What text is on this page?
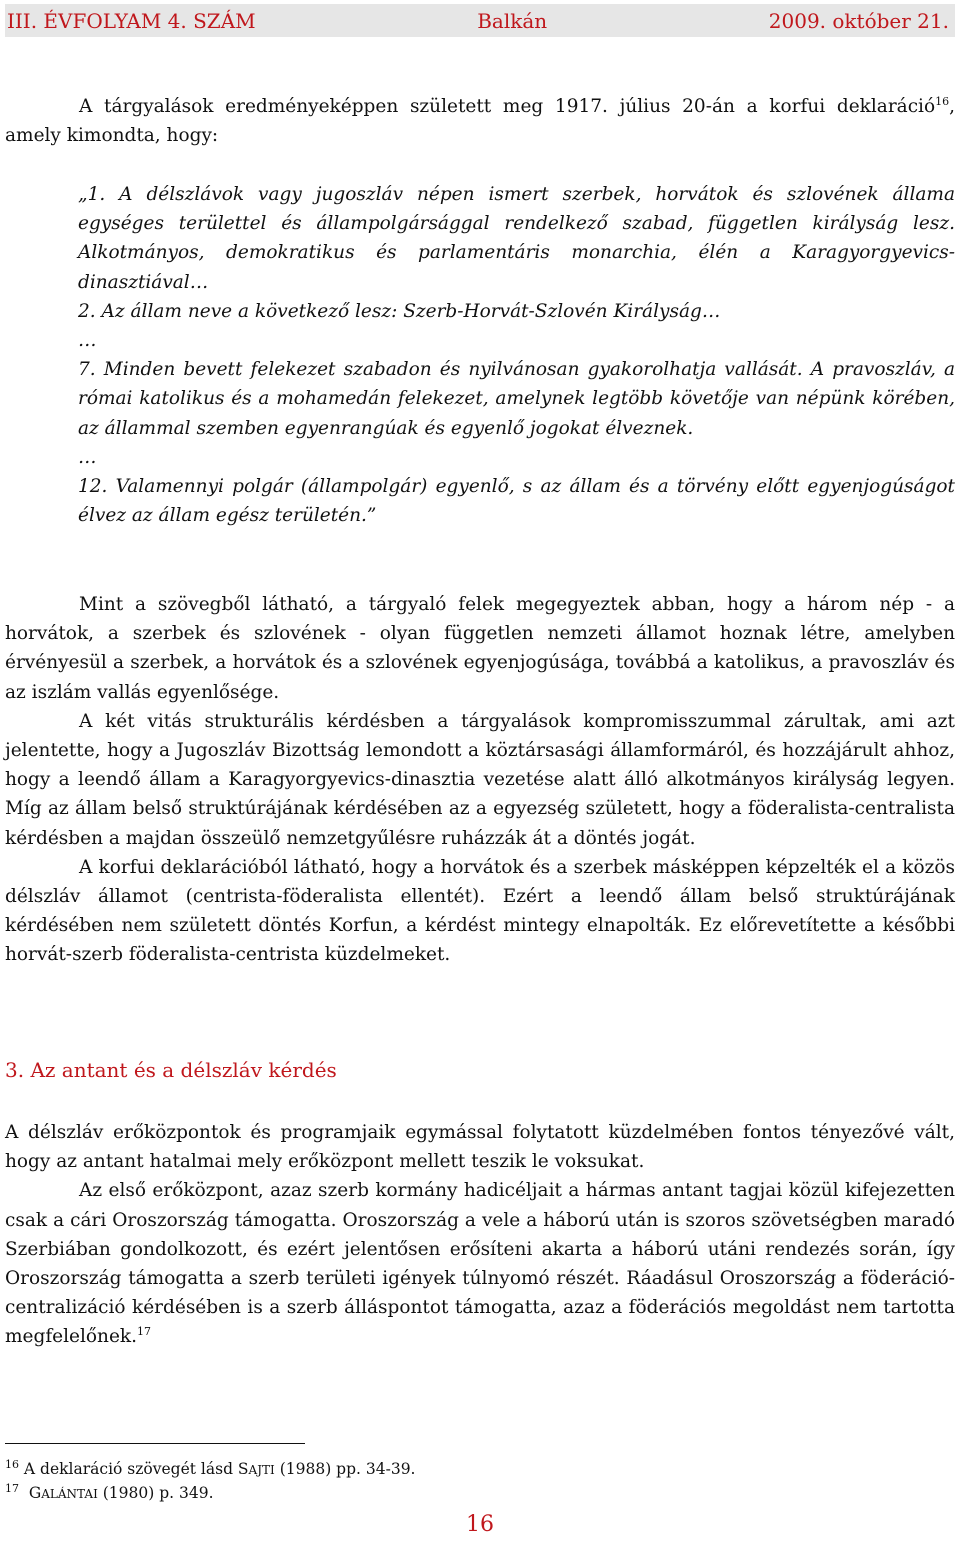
III. ÉVFOLYAM 4. SZÁM	Balkán	2009. október 21.

A tárgyalások eredményeképpen született meg 1917. július 20-án a korfui deklaráció$^{16}$, amely kimondta, hogy:

„1. A délszlávok vagy jugoszláv népen ismert szerbek, horvátok és szlovének állama egységes területtel és állampolgársággal rendelkező szabad, független királyság lesz. Alkotmányos, demokratikus és parlamentáris monarchia, élén a Karagyorgyevics-dinasztiával…

2. Az állam neve a következő lesz: Szerb-Horvát-Szlovén Királyság…

…

7. Minden bevett felekezet szabadon és nyilvánosan gyakorolhatja vallását. A pravoszláv, a római katolikus és a mohamedán felekezet, amelynek legtöbb követője van népünk körében, az állammal szemben egyenrangúak és egyenlő jogokat élveznek.

…

12. Valamennyi polgár (állampolgár) egyenlő, s az állam és a törvény előtt egyenjogúságot élvez az állam egész területén.”

Mint a szövegből látható, a tárgyaló felek megegyeztek abban, hogy a három nép - a horvátok, a szerbek és szlovének - olyan független nemzeti államot hoznak létre, amelyben érvényesül a szerbek, a horvátok és a szlovének egyenjogúsága, továbbá a katolikus, a pravoszláv és az iszlám vallás egyenlősége.

A két vitás strukturális kérdésben a tárgyalások kompromisszummal zárultak, ami azt jelentette, hogy a Jugoszláv Bizottság lemondott a köztársasági államformáról, és hozzájárult ahhoz, hogy a leendő állam a Karagyorgyevics-dinasztia vezetése alatt álló alkotmányos királyság legyen. Míg az állam belső struktúrájának kérdésében az a egyezség született, hogy a föderalista-centralista kérdésben a majdan összeülő nemzetgyűlésre ruházzák át a döntés jogát.

A korfui deklarációból látható, hogy a horvátok és a szerbek másképpen képzelték el a közös délszláv államot (centrista-föderalista ellentét). Ezért a leendő állam belső struktúrájának kérdésében nem született döntés Korfun, a kérdést mintegy elnapolták. Ez előrevetítette a későbbi horvát-szerb föderalista-centrista küzdelmeket.

3. Az antant és a délszláv kérdés

A délszláv erőközpontok és programjaik egymással folytatott küzdelmében fontos tényezővé vált, hogy az antant hatalmai mely erőközpont mellett teszik le voksukat.

Az első erőközpont, azaz szerb kormány hadicéljait a hármas antant tagjai közül kifejezetten csak a cári Oroszország támogatta. Oroszország a vele a háború után is szoros szövetségben maradó Szerbiában gondolkozott, és ezért jelentősen erősíteni akarta a háború utáni rendezés során, így Oroszország támogatta a szerb területi igények túlnyomó részét. Ráadásul Oroszország a föderáció-centralizáció kérdésében is a szerb álláspontot támogatta, azaz a föderációs megoldást nem tartotta megfelelőnek.$^{17}$

$^{16}$ A deklaráció szövegét lásd SAJTI (1988) pp. 34-39.
$^{17}$ GALÁNTAI (1980) p. 349.
16
